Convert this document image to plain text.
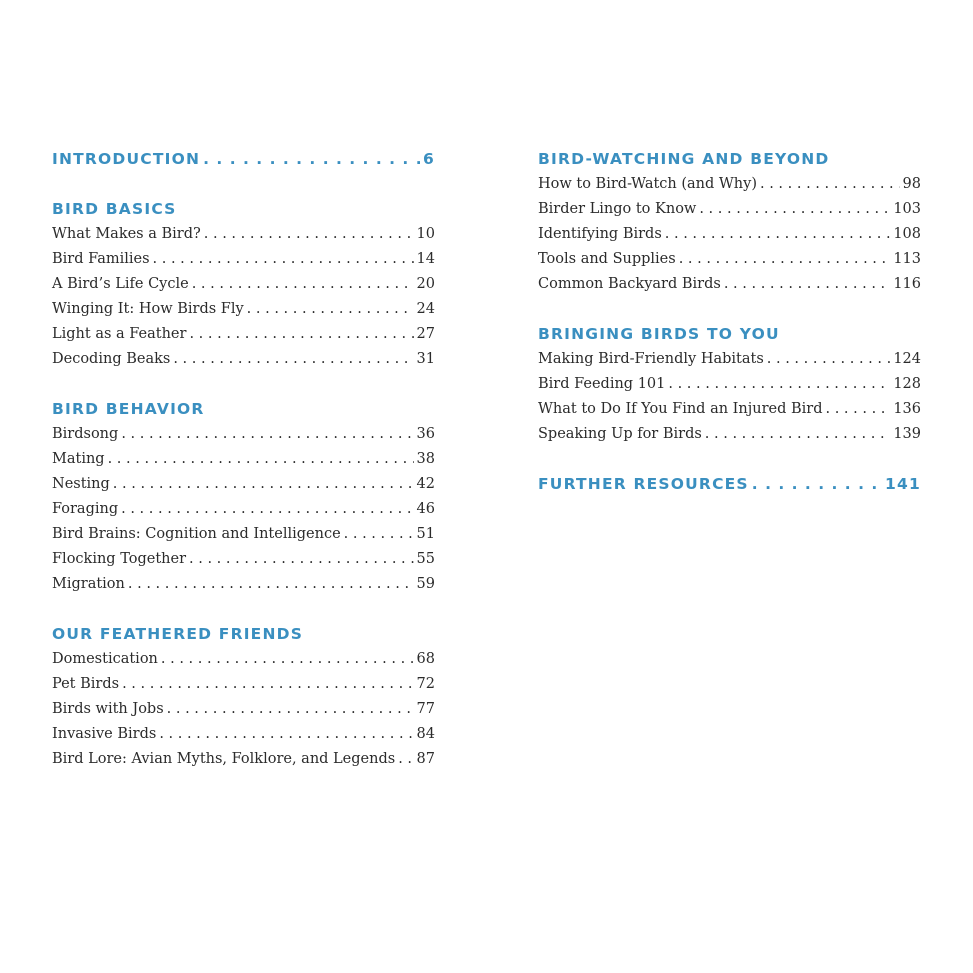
INTRODUCTION . . .	6
BIRD BASICS
What Makes a Bird? . . .	10
Bird Families . . .	14
A Bird’s Life Cycle . . .	20
Winging It: How Birds Fly . . .	24
Light as a Feather . . .	27
Decoding Beaks . . .	31
BIRD BEHAVIOR
Birdsong . . .	36
Mating . . .	38
Nesting . . .	42
Foraging . . .	46
Bird Brains: Cognition and Intelligence . . .	51
Flocking Together . . .	55
Migration . . .	59
OUR FEATHERED FRIENDS
Domestication . . .	68
Pet Birds . . .	72
Birds with Jobs . . .	77
Invasive Birds . . .	84
Bird Lore: Avian Myths, Folklore, and Legends . . . 87
BIRD-WATCHING AND BEYOND
How to Bird-Watch (and Why) . . .	98
Birder Lingo to Know . . .	103
Identifying Birds . . .	108
Tools and Supplies . . .	113
Common Backyard Birds . . .	116
BRINGING BIRDS TO YOU
Making Bird-Friendly Habitats . . .	124
Bird Feeding 101 . . .	128
What to Do If You Find an Injured Bird . . .	136
Speaking Up for Birds . . .	139
FURTHER RESOURCES . . .	141
